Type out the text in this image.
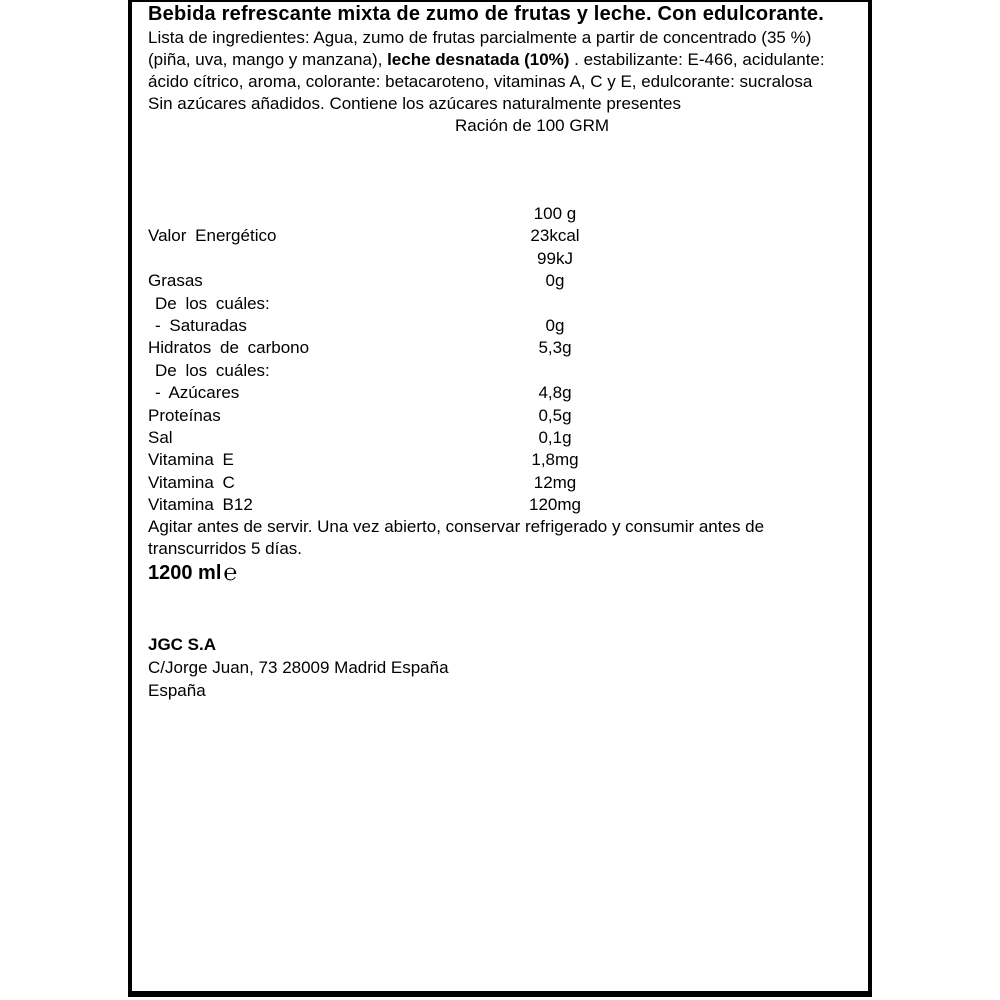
Bebida refrescante mixta de zumo de frutas y leche. Con edulcorante.

Lista de ingredientes: Agua, zumo de frutas parcialmente a partir de concentrado (35 %) (piña, uva, mango y manzana), leche desnatada (10%) . estabilizante: E-466, acidulante: ácido cítrico, aroma, colorante: betacaroteno, vitaminas A, C y E, edulcorante: sucralosa

Sin azúcares añadidos. Contiene los azúcares naturalmente presentes

Ración de 100 GRM

100 g
Valor Energético	23kcal
99kJ
Grasas	0g
De los cuáles:
- Saturadas	0g
Hidratos de carbono	5,3g
De los cuáles:
- Azúcares	4,8g
Proteínas	0,5g
Sal	0,1g
Vitamina E	1,8mg
Vitamina C	12mg
Vitamina B12	120mg

Agitar antes de servir. Una vez abierto, conservar refrigerado y consumir antes de transcurridos 5 días.

1200 ml℮

JGC S.A

C/Jorge Juan, 73 28009 Madrid España

España
